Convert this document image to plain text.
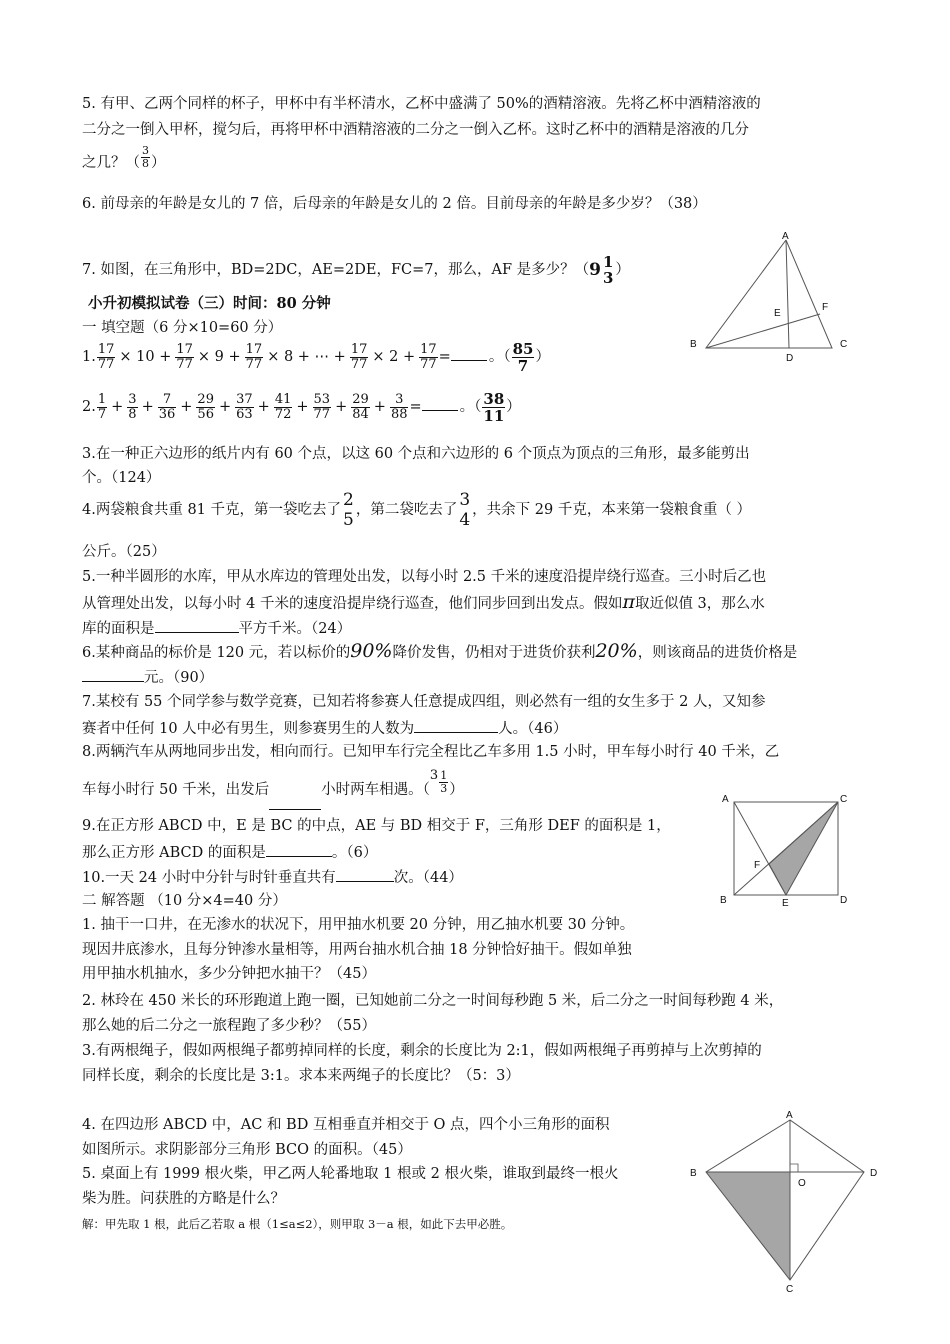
5. 有甲、乙两个同样的杯子，甲杯中有半杯清水，乙杯中盛满了 50%的酒精溶液。先将乙杯中酒精溶液的
二分之一倒入甲杯，搅匀后，再将甲杯中酒精溶液的二分之一倒入乙杯。这时乙杯中的酒精是溶液的几分
之几？（ $\frac{3}{8}$ ）
6. 前母亲的年龄是女儿的 7 倍，后母亲的年龄是女儿的 2 倍。目前母亲的年龄是多少岁？（38）
7. 如图，在三角形中，BD=2DC，AE=2DE，FC=7，那么，AF 是多少？（9 1
3 ）
A
B	C
D
E
F
小升初模拟试卷（三）时间：80 分钟
一 填空题（6 分×10=60 分）
1. $\frac{17}{77} \times 10 + \frac{17}{77} \times 9 + \frac{17}{77} \times 8$ + ⋯ + $\frac{17}{77} \times 2 + \frac{17}{77}$ =	。（ $\frac{85}{7}$ ）
2. $\frac{1}{7} + \frac{3}{8} + \frac{7}{36} + \frac{29}{56} + \frac{37}{63} + \frac{41}{72} + \frac{53}{77} + \frac{29}{84} + \frac{3}{88}$ =	。（ $\frac{38}{11}$ ）
3.在一种正六边形的纸片内有 60 个点，以这 60 个点和六边形的 6 个顶点为顶点的三角形，最多能剪出
个。（124）
4.两袋粮食共重 81 千克，第一袋吃去了 2
5 ，第二袋吃去了 3
4 ，共余下 29 千克，本来第一袋粮食重（ ）
公斤。（25）
5.一种半圆形的水库，甲从水库边的管理处出发，以每小时 2.5 千米的速度沿提岸绕行巡查。三小时后乙也
从管理处出发，以每小时 4 千米的速度沿提岸绕行巡查，他们同步回到出发点。假如π取近似值 3，那么水
库的面积是	平方千米。（24）
6.某种商品的标价是 120 元，若以标价的90%降价发售，仍相对于进货价获利20%，则该商品的进货价格是
元。（90）
7.某校有 55 个同学参与数学竞赛，已知若将参赛人任意提成四组，则必然有一组的女生多于 2 人，又知参
赛者中任何 10 人中必有男生，则参赛男生的人数为	人。（46）
8.两辆汽车从两地同步出发，相向而行。已知甲车行完全程比乙车多用 1.5 小时，甲车每小时行 40 千米，乙
车每小时行 50 千米，出发后	小时两车相遇。（$3 \frac{1}{3}$ ）
9.在正方形 ABCD 中，E 是 BC 的中点，AE 与 BD 相交于 F，三角形 DEF 的面积是 1，
那么正方形 ABCD 的面积是	。（6）
10.一天 24 小时中分针与时针垂直共有	次。（44）
A	C
B	D
E
F
二 解答题 （10 分×4=40 分）
1. 抽干一口井，在无渗水的状况下，用甲抽水机要 20 分钟，用乙抽水机要 30 分钟。
现因井底渗水，且每分钟渗水量相等，用两台抽水机合抽 18 分钟恰好抽干。假如单独
用甲抽水机抽水，多少分钟把水抽干？（45）
2. 林玲在 450 米长的环形跑道上跑一圈，已知她前二分之一时间每秒跑 5 米，后二分之一时间每秒跑 4 米，
那么她的后二分之一旅程跑了多少秒？（55）
3.有两根绳子，假如两根绳子都剪掉同样的长度，剩余的长度比为 2:1，假如两根绳子再剪掉与上次剪掉的
同样长度，剩余的长度比是 3:1。求本来两绳子的长度比？（5：3）
4. 在四边形 ABCD 中，AC 和 BD 互相垂直并相交于 O 点，四个小三角形的面积
如图所示。求阴影部分三角形 BCO 的面积。（45）
5. 桌面上有 1999 根火柴，甲乙两人轮番地取 1 根或 2 根火柴，谁取到最终一根火
柴为胜。问获胜的方略是什么？
解：甲先取 1 根，此后乙若取 a 根（1≤a≤2），则甲取 3－a 根，如此下去甲必胜。
A
B	D
C
O
